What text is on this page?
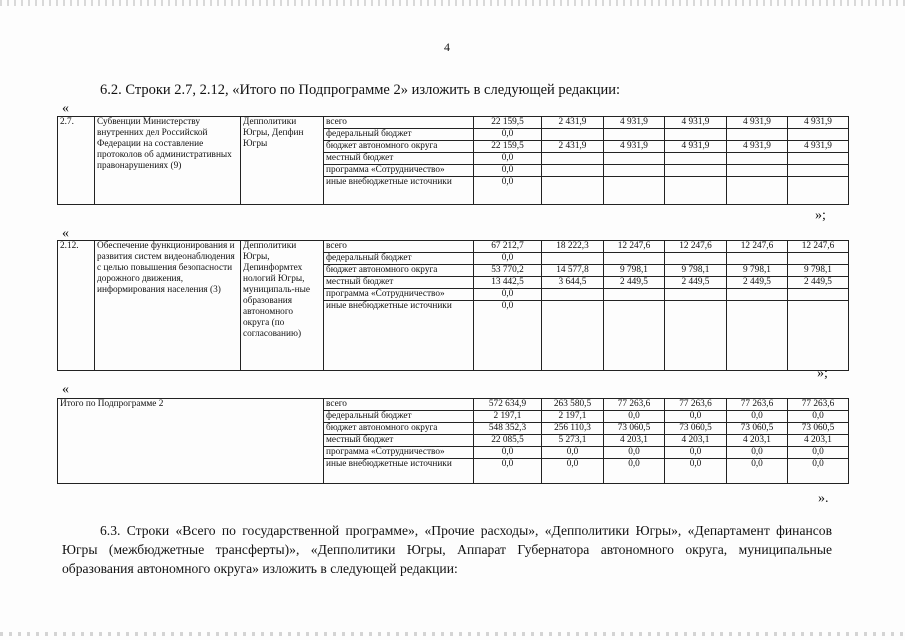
4
6.2. Строки 2.7, 2.12, «Итого по Подпрограмме 2» изложить в следующей редакции:
«
2.7.	Субвенции Министерству внутренних дел Российской Федерации на составление протоколов об административных правонарушениях (9)	Депполитики Югры, Депфин Югры	всего	22 159,5	2 431,9	4 931,9	4 931,9	4 931,9	4 931,9
			федеральный бюджет	0,0					
			бюджет автономного округа	22 159,5	2 431,9	4 931,9	4 931,9	4 931,9	4 931,9
			местный бюджет	0,0					
			программа «Сотрудничество»	0,0					
			иные внебюджетные источники	0,0					
»;
«
2.12.	Обеспечение функционирования и развития систем видеонаблюдения с целью повышения безопасности дорожного движения, информирования населения (3)	Депполитики Югры, Депинформтех нологий Югры, муниципаль-ные образования автономного округа (по согласованию)	всего	67 212,7	18 222,3	12 247,6	12 247,6	12 247,6	12 247,6
			федеральный бюджет	0,0					
			бюджет автономного округа	53 770,2	14 577,8	9 798,1	9 798,1	9 798,1	9 798,1
			местный бюджет	13 442,5	3 644,5	2 449,5	2 449,5	2 449,5	2 449,5
			программа «Сотрудничество»	0,0					
			иные внебюджетные источники	0,0					
»;
«
Итого по Подпрограмме 2	всего	572 634,9	263 580,5	77 263,6	77 263,6	77 263,6	77 263,6
	федеральный бюджет	2 197,1	2 197,1	0,0	0,0	0,0	0,0
	бюджет автономного округа	548 352,3	256 110,3	73 060,5	73 060,5	73 060,5	73 060,5
	местный бюджет	22 085,5	5 273,1	4 203,1	4 203,1	4 203,1	4 203,1
	программа «Сотрудничество»	0,0	0,0	0,0	0,0	0,0	0,0
	иные внебюджетные источники	0,0	0,0	0,0	0,0	0,0	0,0
».
6.3. Строки «Всего по государственной программе», «Прочие расходы», «Депполитики Югры», «Департамент финансов Югры (межбюджетные трансферты)», «Депполитики Югры, Аппарат Губернатора автономного округа, муниципальные образования автономного округа» изложить в следующей редакции:
